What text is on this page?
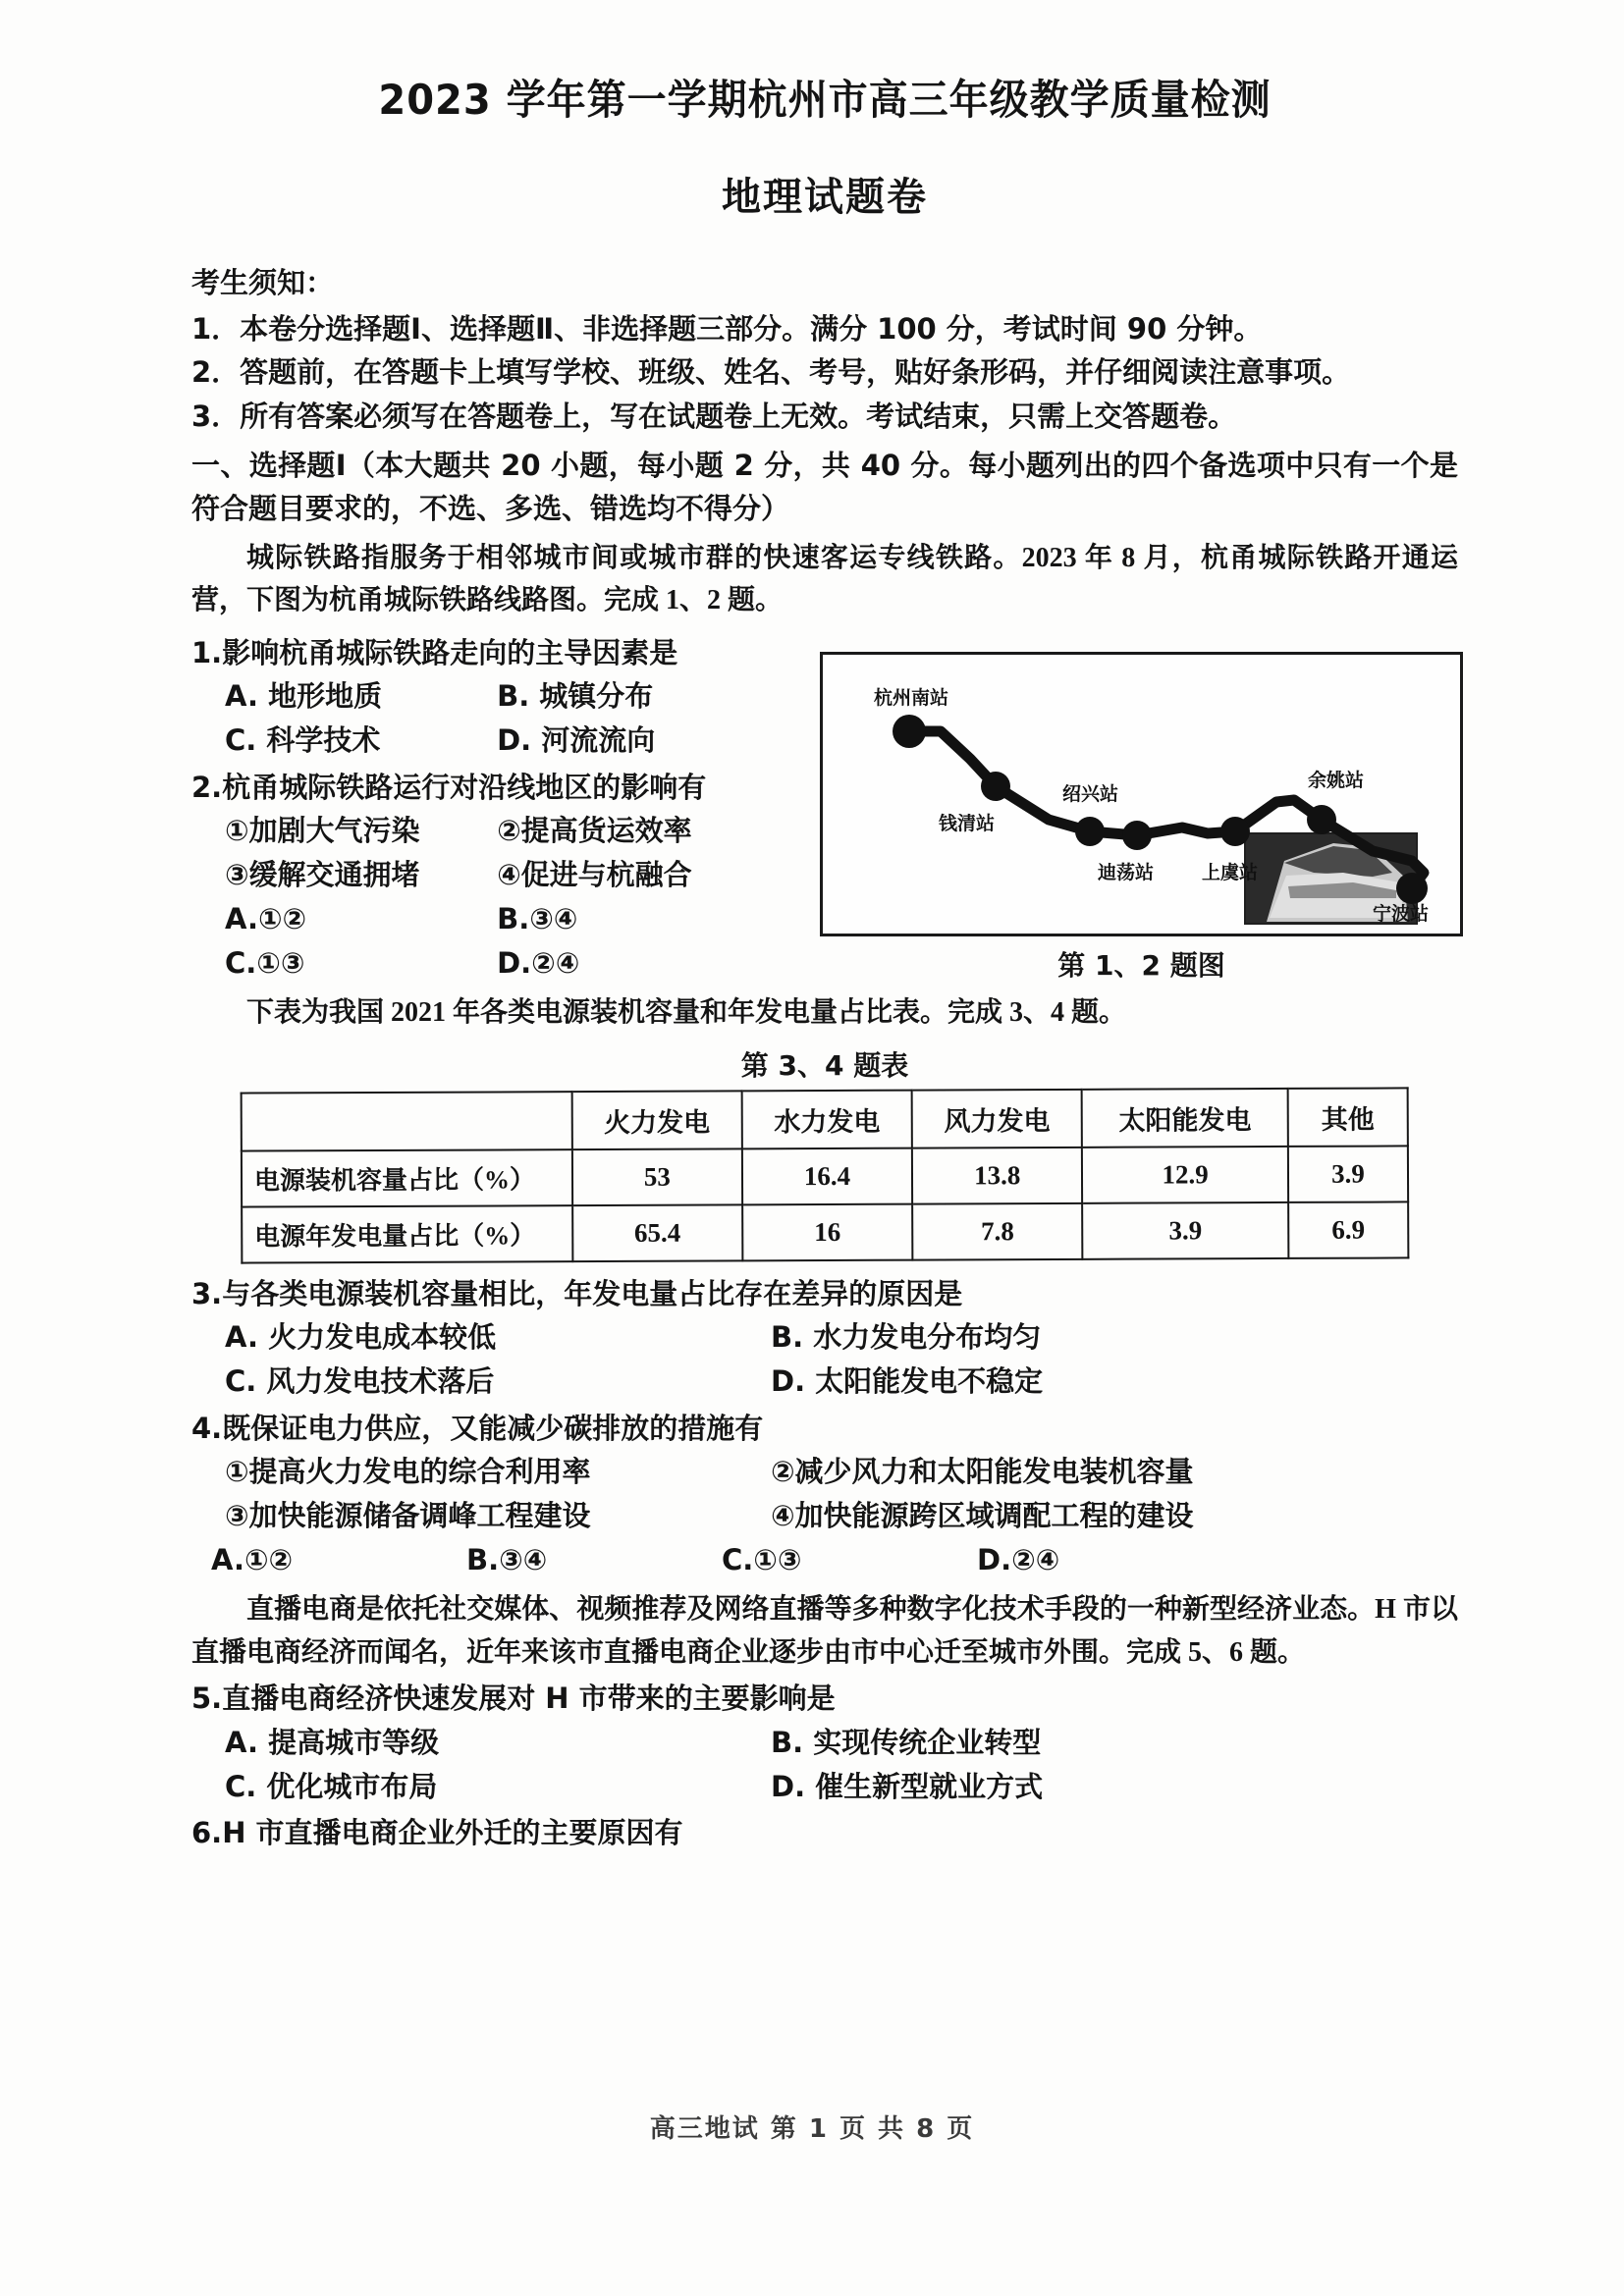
2023 学年第一学期杭州市高三年级教学质量检测
地理试题卷
考生须知：
1．本卷分选择题Ⅰ、选择题Ⅱ、非选择题三部分。满分 100 分，考试时间 90 分钟。
2．答题前，在答题卡上填写学校、班级、姓名、考号，贴好条形码，并仔细阅读注意事项。
3．所有答案必须写在答题卷上，写在试题卷上无效。考试结束，只需上交答题卷。
一、选择题Ⅰ（本大题共 20 小题，每小题 2 分，共 40 分。每小题列出的四个备选项中只有一个是符合题目要求的，不选、多选、错选均不得分）
城际铁路指服务于相邻城市间或城市群的快速客运专线铁路。2023 年 8 月，杭甬城际铁路开通运营，下图为杭甬城际铁路线路图。完成 1、2 题。
1.影响杭甬城际铁路走向的主导因素是
A. 地形地质	B. 城镇分布
C. 科学技术	D. 河流流向
2.杭甬城际铁路运行对沿线地区的影响有
①加剧大气污染	②提高货运效率
③缓解交通拥堵	④促进与杭融合
A.①②	B.③④
C.①③	D.②④
杭州南站
钱清站
绍兴站
迪荡站	上虞站
余姚站
宁波站
第 1、2 题图
下表为我国 2021 年各类电源装机容量和年发电量占比表。完成 3、4 题。
第 3、4 题表
	火力发电	水力发电	风力发电	太阳能发电	其他
电源装机容量占比（%）	53	16.4	13.8	12.9	3.9
电源年发电量占比（%）	65.4	16	7.8	3.9	6.9
3.与各类电源装机容量相比，年发电量占比存在差异的原因是
A. 火力发电成本较低	B. 水力发电分布均匀
C. 风力发电技术落后	D. 太阳能发电不稳定
4.既保证电力供应，又能减少碳排放的措施有
①提高火力发电的综合利用率	②减少风力和太阳能发电装机容量
③加快能源储备调峰工程建设	④加快能源跨区域调配工程的建设
A.①②	B.③④	C.①③	D.②④
直播电商是依托社交媒体、视频推荐及网络直播等多种数字化技术手段的一种新型经济业态。H 市以直播电商经济而闻名，近年来该市直播电商企业逐步由市中心迁至城市外围。完成 5、6 题。
5.直播电商经济快速发展对 H 市带来的主要影响是
A. 提高城市等级	B. 实现传统企业转型
C. 优化城市布局	D. 催生新型就业方式
6.H 市直播电商企业外迁的主要原因有
高三地试 第 1 页 共 8 页
